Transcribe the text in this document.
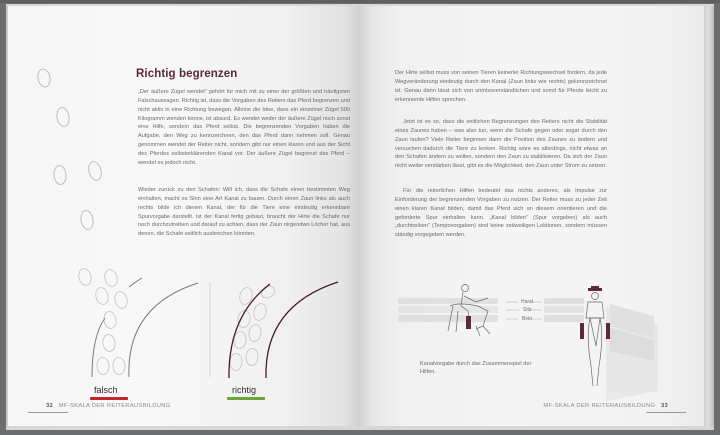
Richtig begrenzen

„Der äußere Zügel wendet“ gehört für mich mit zu einer der größten und häufigsten Falschaussagen. Richtig ist, dass die Vorgaben des Reiters das Pferd begrenzen und nicht aktiv in eine Richtung bewegen. Alleine die Idee, dass ein einzelner Zügel 500 Kilogramm wenden könne, ist absurd. Es wendet weder der äußere Zügel noch sonst eine Hilfe, sondern das Pferd selbst. Die begrenzenden Vorgaben haben die Aufgabe, den Weg zu kennzeichnen, den das Pferd dann nehmen soll. Genau genommen wendet der Reiter nicht, sondern gibt nur einen klaren und aus der Sicht des Pferdes selbsterklärenden Kanal vor. Der äußere Zügel begrenzt das Pferd – wendet es jedoch nicht.

Wieder zurück zu den Schafen: Will ich, dass die Schafe einen bestimmten Weg einhalten, macht es Sinn eine Art Kanal zu bauen. Durch einen Zaun links als auch rechts bilde ich diesen Kanal, der für die Tiere eine eindeutig erkennbare Spurvorgabe darstellt. Ist der Kanal fertig gebaut, braucht der Hirte die Schafe nur noch durchzutreiben und darauf zu achten, dass der Zaun nirgendwo Löcher hat, aus denen, die Schafe seitlich ausbrechen könnten.

falsch	richtig
32 MF-SKALA DER REITERAUSBILDUNG

Der Hirte selbst muss von seinen Tieren keinerlei Richtungswechsel fordern, da jede Wegveränderung eindeutig durch den Kanal (Zaun links wie rechts) gekennzeichnet ist. Genau dann lässt sich von unmissverständlichen und somit für Pferde leicht zu erkennende Hilfen sprechen.

Jetzt ist es so, dass die seitlichen Begrenzungen des Reiters nicht die Stabilität eines Zaunes haben – was also tun, wenn die Schafe gegen oder sogar durch den Zaun laufen? Viele Reiter beginnen dann die Position des Zaunes zu ändern und versuchen dadurch die Tiere zu lenken. Richtig wäre es allerdings, nicht etwas an den Schafen ändern zu wollen, sondern den Zaun zu stabilisieren. Da sich der Zaun nicht weiter verstärken lässt, gibt es die Möglichkeit, den Zaun unter Strom zu setzen.

Für die reiterlichen Hilfen bedeutet das nichts anderes, als Impulse zur Einforderung der begrenzenden Vorgaben zu nutzen. Der Reiter muss zu jeder Zeit einen klaren Kanal bilden, damit das Pferd sich an diesem orientieren und die geforderte Spur einhalten kann. „Kanal bilden“ (Spur vorgeben) als auch „durchtreiben“ (Tempovorgaben) sind keine zeitweiligen Lektionen, sondern müssen ständig vorgegeben werden.

Hand
Sitz
Bein
Kanalvorgabe durch das Zusammenspiel der Hilfen.
MF-SKALA DER REITERAUSBILDUNG 33
